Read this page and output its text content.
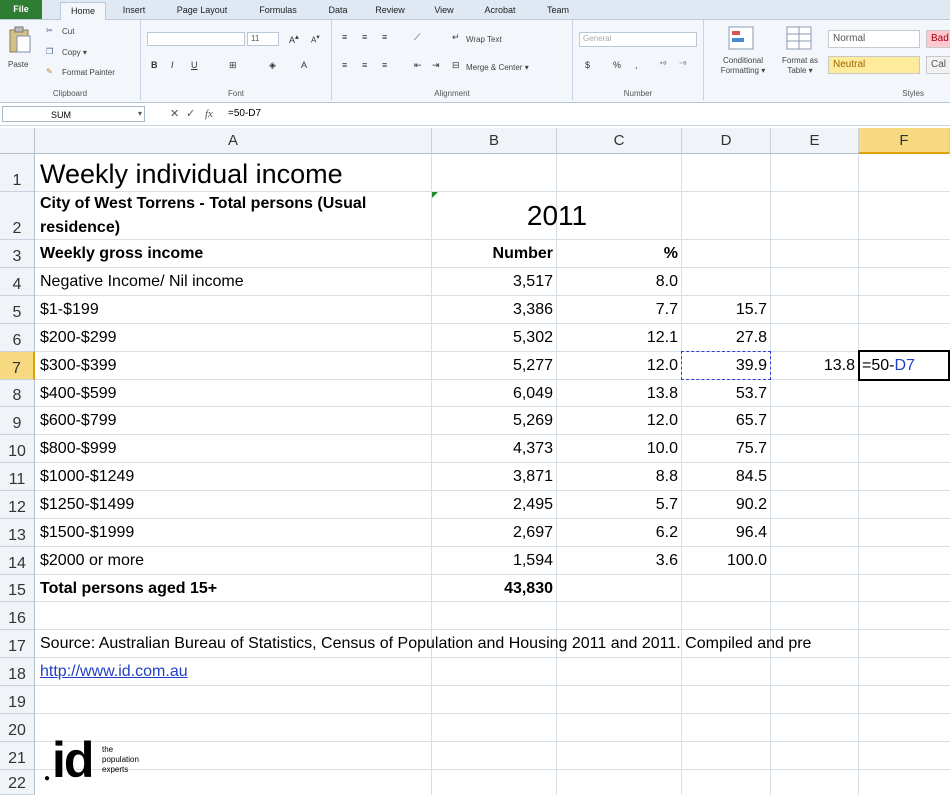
File	Home	Insert	Page Layout	Formulas	Data	Review	View	Acrobat	Team
Paste
✂ Cut
❐ Copy ▾
✎ Format Painter
Clipboard
11	A▴ A▾
B I U	⊞	◈	A
Font
≡ ≡ ≡	⟋	↵ Wrap Text
≡ ≡ ≡	⇤ ⇥ ⊟ Merge & Center ▾
Alignment
General
$	% ,	⁺⁰ ⁻⁰
Number
Conditional Formatting ▾
Format as Table ▾
Normal	Bad
Neutral	Cal
Styles
SUM	▾	✕ ✓ fx =50-D7
A	B	C	D	E	F
1
2
3
4
5
6
7
8
9
10
11
12
13
14
15
16
17
18
19
20
21
22
Weekly individual income
City of West Torrens - Total persons (Usual
residence)	2011
Weekly gross income	Number	%
Negative Income/ Nil income	3,517	8.0
$1-$199	3,386	7.7	15.7
$200-$299	5,302	12.1	27.8
$300-$399	5,277	12.0	39.9	13.8 =50-D7
$400-$599	6,049	13.8	53.7
$600-$799	5,269	12.0	65.7
$800-$999	4,373	10.0	75.7
$1000-$1249	3,871	8.8	84.5
$1250-$1499	2,495	5.7	90.2
$1500-$1999	2,697	6.2	96.4
$2000 or more	1,594	3.6	100.0
Total persons aged 15+	43,830
Source: Australian Bureau of Statistics, Census of Population and Housing 2011 and 2011. Compiled and pre
http://www.id.com.au
● id the
population
experts
